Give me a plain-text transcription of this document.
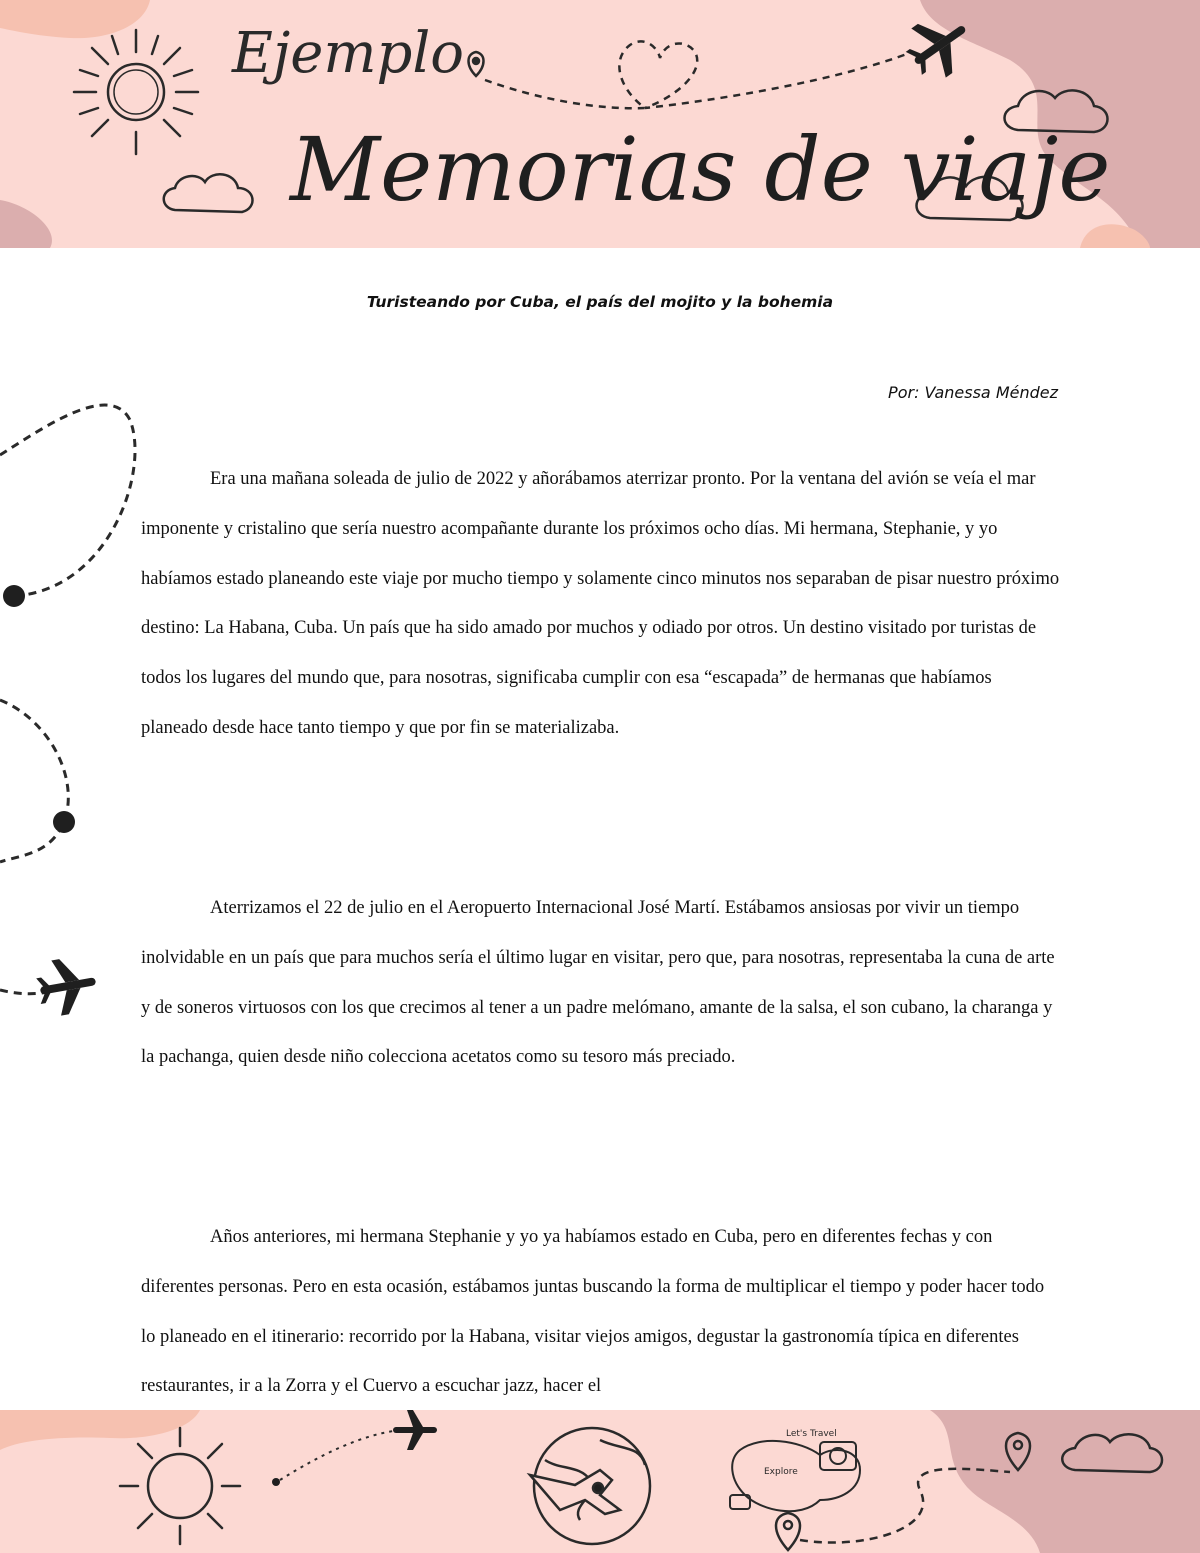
Ejemplo
Memorias de viaje
Turisteando por Cuba, el país del mojito y la bohemia
Por: Vanessa Méndez

Era una mañana soleada de julio de 2022 y añorábamos aterrizar pronto. Por la ventana del avión se veía el mar imponente y cristalino que sería nuestro acompañante durante los próximos ocho días. Mi hermana, Stephanie, y yo habíamos estado planeando este viaje por mucho tiempo y solamente cinco minutos nos separaban de pisar nuestro próximo destino: La Habana, Cuba. Un país que ha sido amado por muchos y odiado por otros. Un destino visitado por turistas de todos los lugares del mundo que, para nosotras, significaba cumplir con esa “escapada” de hermanas que habíamos planeado desde hace tanto tiempo y que por fin se materializaba.

Aterrizamos el 22 de julio en el Aeropuerto Internacional José Martí. Estábamos ansiosas por vivir un tiempo inolvidable en un país que para muchos sería el último lugar en visitar, pero que, para nosotras, representaba la cuna de arte y de soneros virtuosos con los que crecimos al tener a un padre melómano, amante de la salsa, el son cubano, la charanga y la pachanga, quien desde niño colecciona acetatos como su tesoro más preciado.

Años anteriores, mi hermana Stephanie y yo ya habíamos estado en Cuba, pero en diferentes fechas y con diferentes personas. Pero en esta ocasión, estábamos juntas buscando la forma de multiplicar el tiempo y poder hacer todo lo planeado en el itinerario: recorrido por la Habana, visitar viejos amigos, degustar la gastronomía típica en diferentes restaurantes, ir a la Zorra y el Cuervo a escuchar jazz, hacer el

Let's Travel
Explore
